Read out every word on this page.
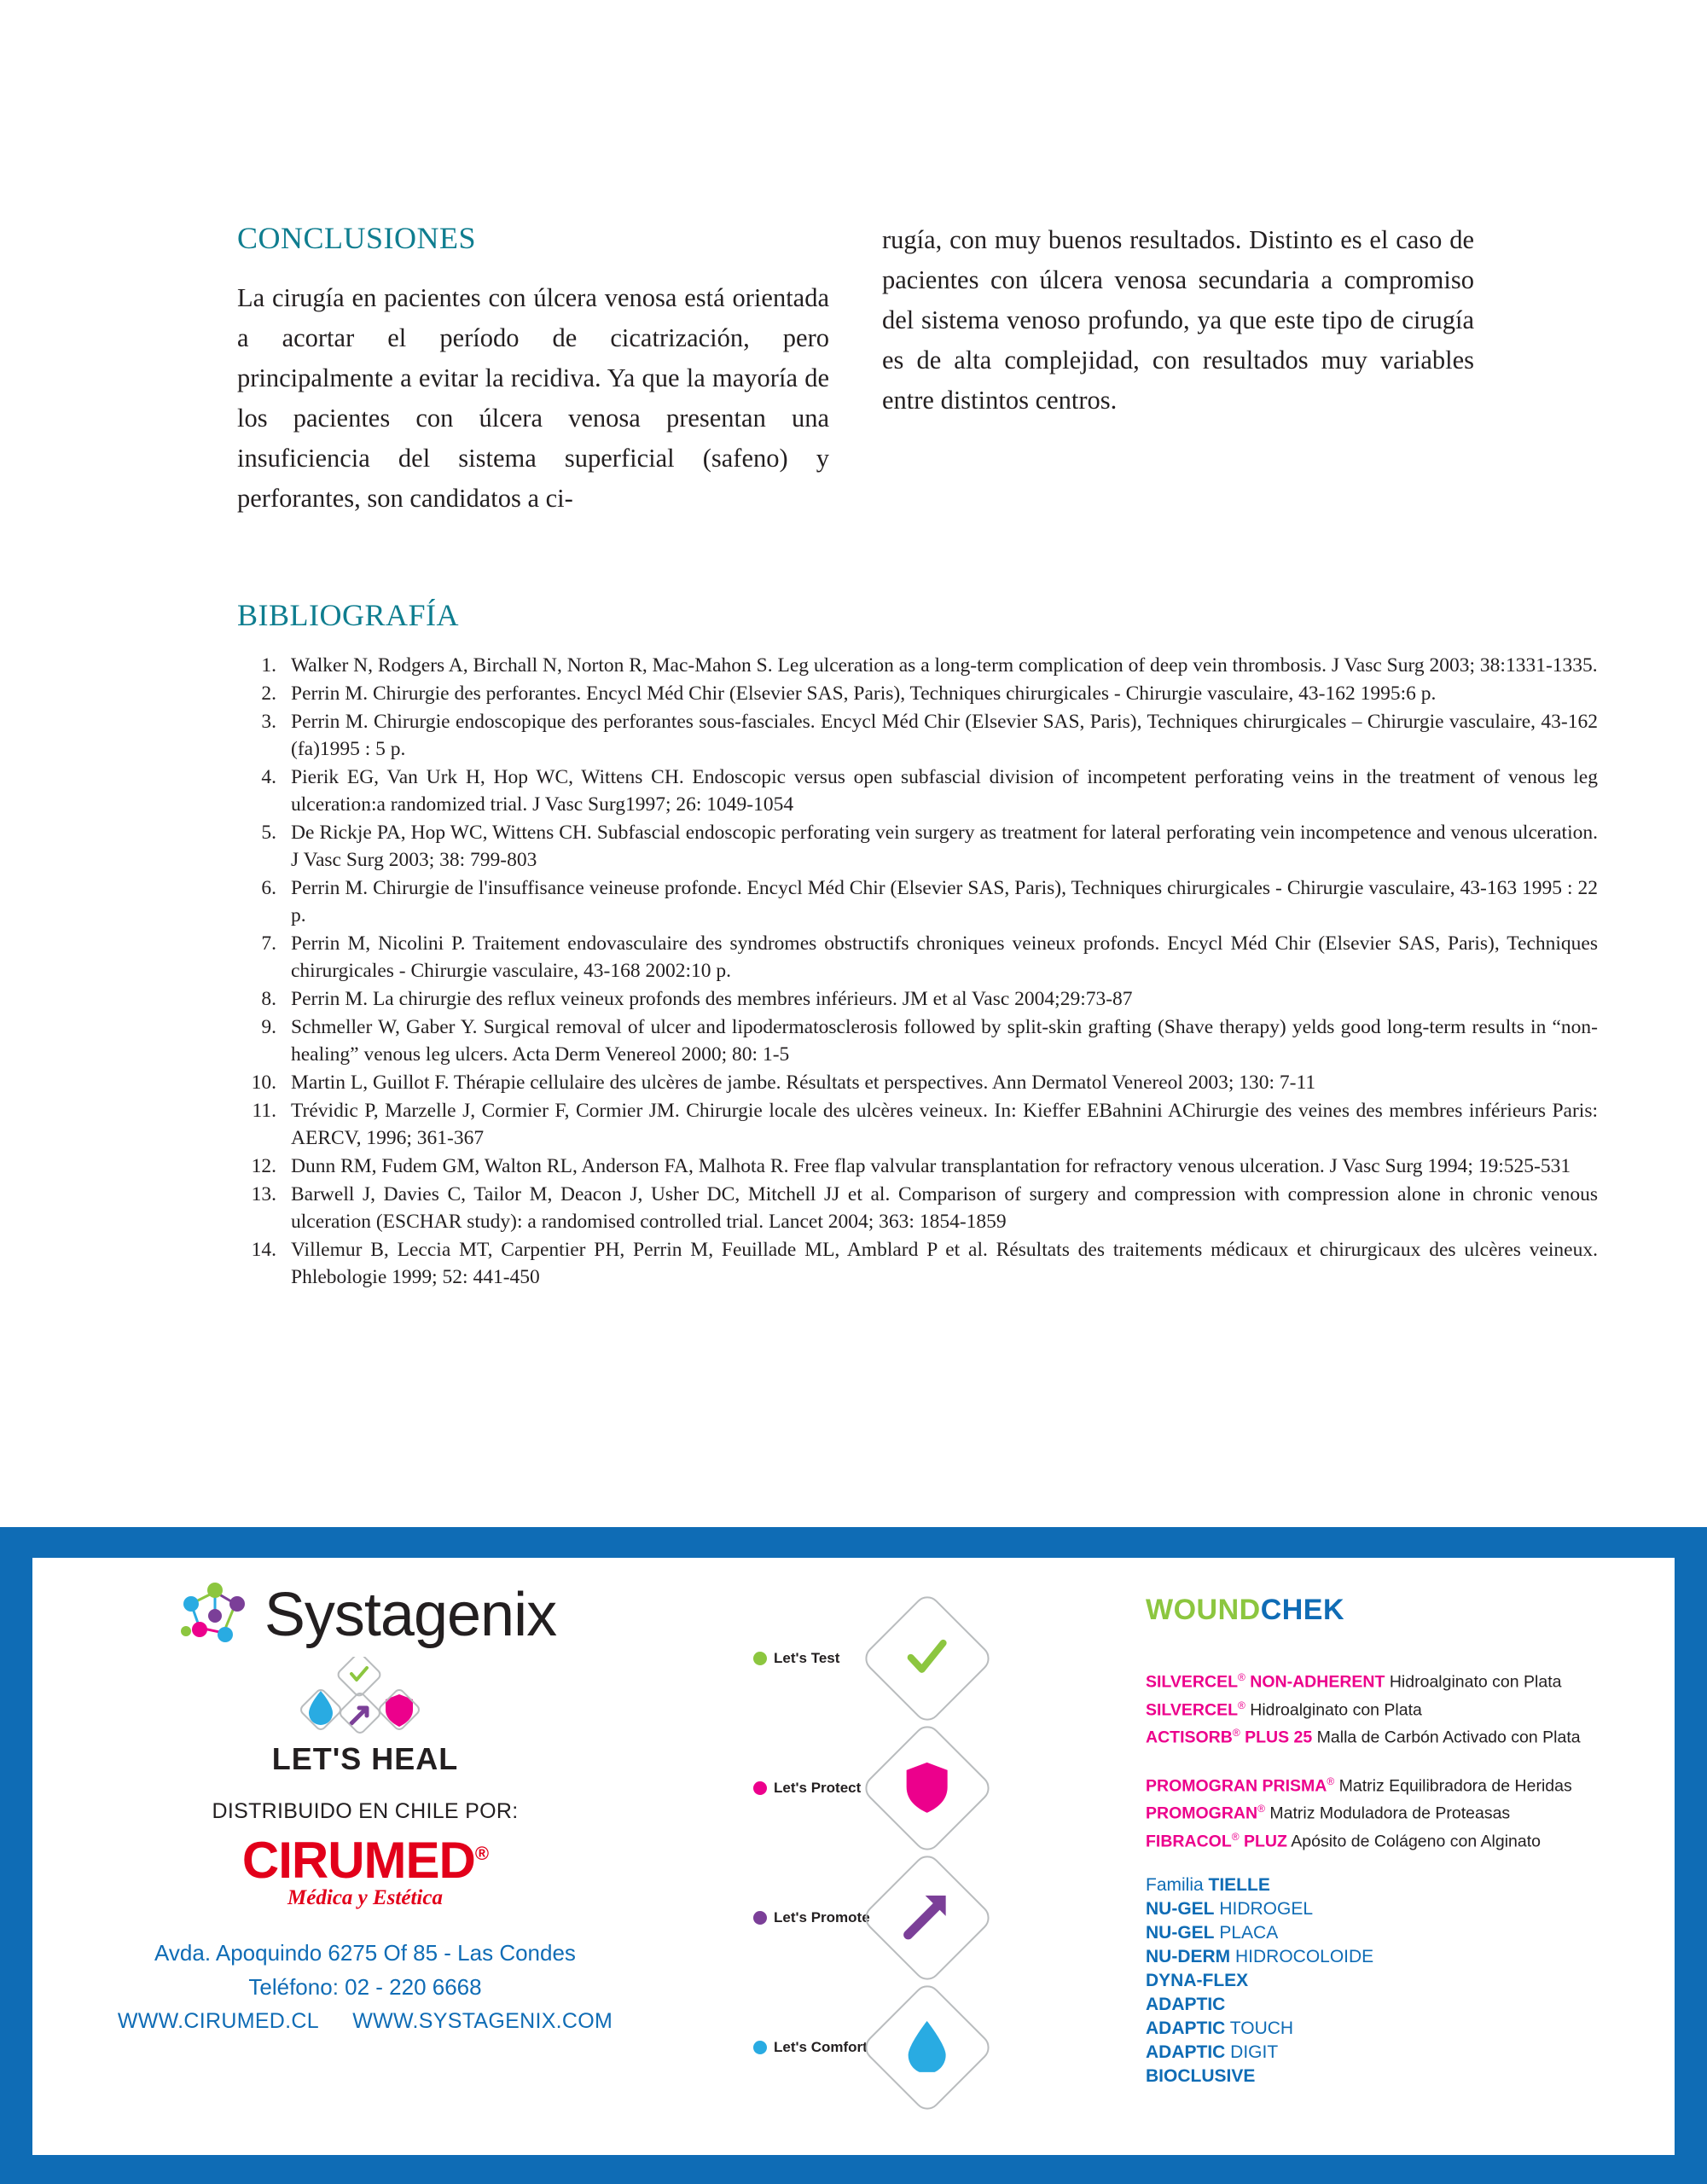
CONCLUSIONES

La cirugía en pacientes con úlcera venosa está orientada a acortar el período de cicatrización, pero principalmente a evitar la recidiva. Ya que la mayoría de los pacientes con úlcera venosa presentan una insuficiencia del sistema superficial (safeno) y perforantes, son candidatos a ci-

rugía, con muy buenos resultados. Distinto es el caso de pacientes con úlcera venosa secundaria a compromiso del sistema venoso profundo, ya que este tipo de cirugía es de alta complejidad, con resultados muy variables entre distintos centros.

BIBLIOGRAFÍA
1. Walker N, Rodgers A, Birchall N, Norton R, Mac-Mahon S. Leg ulceration as a long-term complication of deep vein thrombosis. J Vasc Surg 2003; 38:1331-1335.
2. Perrin M. Chirurgie des perforantes. Encycl Méd Chir (Elsevier SAS, Paris), Techniques chirurgicales - Chirurgie vasculaire, 43-162 1995:6 p.
3. Perrin M. Chirurgie endoscopique des perforantes sous-fasciales. Encycl Méd Chir (Elsevier SAS, Paris), Techniques chirurgicales – Chirurgie vasculaire, 43-162 (fa)1995 : 5 p.
4. Pierik EG, Van Urk H, Hop WC, Wittens CH. Endoscopic versus open subfascial division of incompetent perforating veins in the treatment of venous leg ulceration:a randomized trial. J Vasc Surg1997; 26: 1049-1054
5. De Rickje PA, Hop WC, Wittens CH. Subfascial endoscopic perforating vein surgery as treatment for lateral perforating vein incompetence and venous ulceration. J Vasc Surg 2003; 38: 799-803
6. Perrin M. Chirurgie de l'insuffisance veineuse profonde. Encycl Méd Chir (Elsevier SAS, Paris), Techniques chirurgicales - Chirurgie vasculaire, 43-163 1995 : 22 p.
7. Perrin M, Nicolini P. Traitement endovasculaire des syndromes obstructifs chroniques veineux profonds. Encycl Méd Chir (Elsevier SAS, Paris), Techniques chirurgicales - Chirurgie vasculaire, 43-168 2002:10 p.
8. Perrin M. La chirurgie des reflux veineux profonds des membres inférieurs. JM et al Vasc 2004;29:73-87
9. Schmeller W, Gaber Y. Surgical removal of ulcer and lipodermatosclerosis followed by split-skin grafting (Shave therapy) yelds good long-term results in “non-healing” venous leg ulcers. Acta Derm Venereol 2000; 80: 1-5
10. Martin L, Guillot F. Thérapie cellulaire des ulcères de jambe. Résultats et perspectives. Ann Dermatol Venereol 2003; 130: 7-11
11. Trévidic P, Marzelle J, Cormier F, Cormier JM. Chirurgie locale des ulcères veineux. In: Kieffer EBahnini AChirurgie des veines des membres inférieurs Paris: AERCV, 1996; 361-367
12. Dunn RM, Fudem GM, Walton RL, Anderson FA, Malhota R. Free flap valvular transplantation for refractory venous ulceration. J Vasc Surg 1994; 19:525-531
13. Barwell J, Davies C, Tailor M, Deacon J, Usher DC, Mitchell JJ et al. Comparison of surgery and compression with compression alone in chronic venous ulceration (ESCHAR study): a randomised controlled trial. Lancet 2004; 363: 1854-1859
14. Villemur B, Leccia MT, Carpentier PH, Perrin M, Feuillade ML, Amblard P et al. Résultats des traitements médicaux et chirurgicaux des ulcères veineux. Phlebologie 1999; 52: 441-450
Systagenix
LET'S HEAL
DISTRIBUIDO EN CHILE POR:
CIRUMED®
Médica y Estética
Avda. Apoquindo 6275 Of 85 - Las Condes
Teléfono: 02 - 220 6668
WWW.CIRUMED.CL WWW.SYSTAGENIX.COM
Let's Test
Let's Protect
Let's Promote
Let's Comfort
WOUNDCHEK
SILVERCEL® NON-ADHERENT Hidroalginato con Plata
SILVERCEL® Hidroalginato con Plata
ACTISORB® PLUS 25 Malla de Carbón Activado con Plata
PROMOGRAN PRISMA® Matriz Equilibradora de Heridas
PROMOGRAN® Matriz Moduladora de Proteasas
FIBRACOL® PLUZ Apósito de Colágeno con Alginato
Familia TIELLE
NU-GEL HIDROGEL
NU-GEL PLACA
NU-DERM HIDROCOLOIDE
DYNA-FLEX
ADAPTIC
ADAPTIC TOUCH
ADAPTIC DIGIT
BIOCLUSIVE
